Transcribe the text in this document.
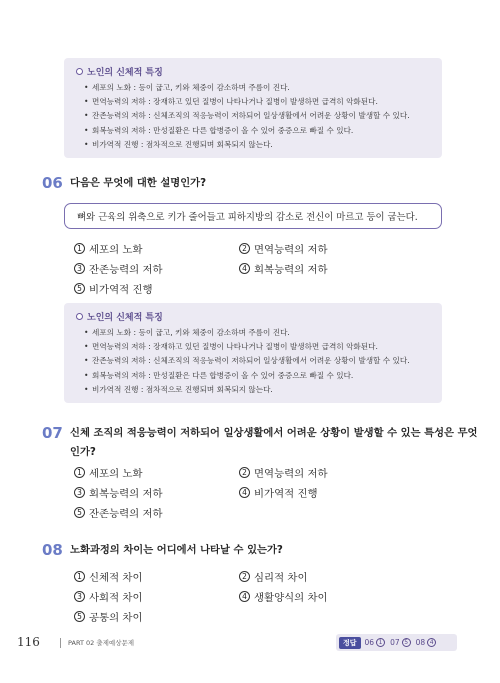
노인의 신체적 특징
• 세포의 노화 : 등이 굽고, 키와 체중이 감소하며 주름이 진다.
• 면역능력의 저하 : 장재하고 있던 질병이 나타나거나 질병이 발생하면 급격히 악화된다.
• 잔존능력의 저하 : 신체조직의 적응능력이 저하되어 일상생활에서 어려운 상황이 발생할 수 있다.
• 회복능력의 저하 : 만성질환은 다른 합병증이 올 수 있어 중증으로 빠질 수 있다.
• 비가역적 진행 : 점차적으로 진행되며 회복되지 않는다.
06 다음은 무엇에 대한 설명인가?
뼈와 근육의 위축으로 키가 줄어들고 피하지방의 감소로 전신이 마르고 등이 굽는다.
1 세포의 노화	2 면역능력의 저하
3 잔존능력의 저하	4 회복능력의 저하
5 비가역적 진행
노인의 신체적 특징
• 세포의 노화 : 등이 굽고, 키와 체중이 감소하며 주름이 진다.
• 면역능력의 저하 : 장재하고 있던 질병이 나타나거나 질병이 발생하면 급격히 악화된다.
• 잔존능력의 저하 : 신체조직의 적응능력이 저하되어 일상생활에서 어려운 상황이 발생할 수 있다.
• 회복능력의 저하 : 만성질환은 다른 합병증이 올 수 있어 중증으로 빠질 수 있다.
• 비가역적 진행 : 점차적으로 진행되며 회복되지 않는다.
07 신체 조직의 적응능력이 저하되어 일상생활에서 어려운 상황이 발생할 수 있는 특성은 무엇
인가?
1 세포의 노화	2 면역능력의 저하
3 회복능력의 저하	4 비가역적 진행
5 잔존능력의 저하
08 노화과정의 차이는 어디에서 나타날 수 있는가?
1 신체적 차이	2 심리적 차이
3 사회적 차이	4 생활양식의 차이
5 공통의 차이
116	PART 02 출제예상문제	정답	06 1	07 5	08 4
